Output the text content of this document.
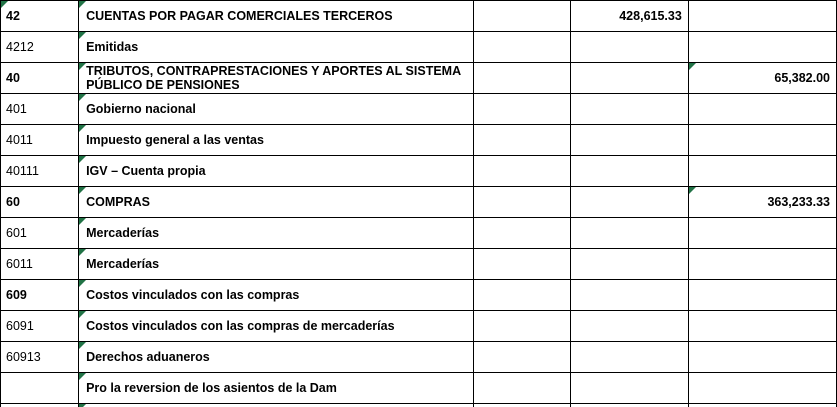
42	CUENTAS POR PAGAR COMERCIALES TERCEROS		428,615.33	

4212	Emitidas			

40	TRIBUTOS, CONTRAPRESTACIONES Y APORTES AL SISTEMA PÚBLICO DE PENSIONES			65,382.00

401	Gobierno nacional			

4011	Impuesto general a las ventas			

40111	IGV – Cuenta propia			

60	COMPRAS			363,233.33

601	Mercaderías			

6011	Mercaderías			

609	Costos vinculados con las compras			

6091	Costos vinculados con las compras de mercaderías			

60913	Derechos aduaneros			

	Pro la reversion de los asientos de la Dam			
